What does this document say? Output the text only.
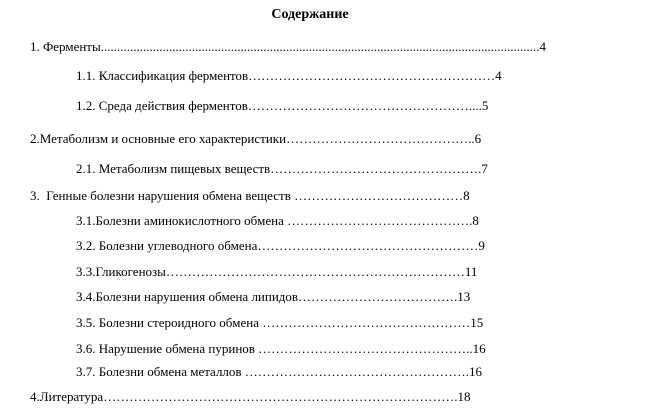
Содержание
1. Ферменты.......................................................................................................................................4
1.1. Классификация ферментов…………………………………………………4
1.2. Среда действия ферментов……………………………………………....5
2.Метаболизм и основные его характеристики……………………………………..6
2.1. Метаболизм пищевых веществ………………………………………….7
3.  Генные болезни нарушения обмена веществ …………………………………8
3.1.Болезни аминокислотного обмена …………………………………….8
3.2. Болезни углеводного обмена……………………………………………9
3.3.Гликогенозы……………………………………………………………11
3.4.Болезни нарушения обмена липидов……………………………….13
3.5. Болезни стероидного обмена …………………………………………15
3.6. Нарушение обмена пуринов …………………………………………..16
3.7. Болезни обмена металлов …………………………………………….16
4.Литература……………………………………………………………………….18
